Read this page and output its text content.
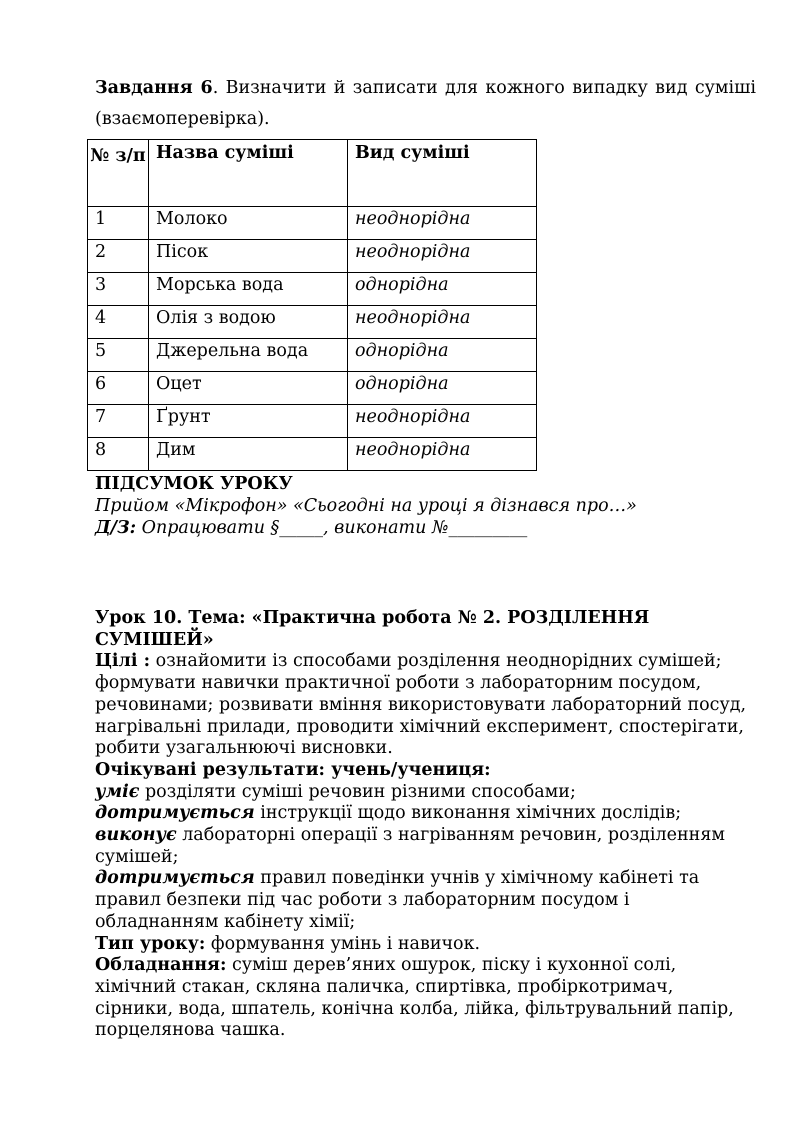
Завдання 6. Визначити й записати для кожного випадку вид суміші (взаємоперевірка).

№ з/п	Назва суміші	Вид суміші
1	Молоко	неоднорідна
2	Пісок	неоднорідна
3	Морська вода	однорідна
4	Олія з водою	неоднорідна
5	Джерельна вода	однорідна
6	Оцет	однорідна
7	Ґрунт	неоднорідна
8	Дим	неоднорідна
ПІДСУМОК УРОКУ
Прийом «Мікрофон» «Сьогодні на уроці я дізнався про…»
Д/З: Опрацювати §_____, виконати №_________

Урок 10. Тема: «Практична робота № 2. РОЗДІЛЕННЯ СУМІШЕЙ»

Цілі : ознайомити із способами розділення неоднорідних сумішей; формувати навички практичної роботи з лабораторним посудом, речовинами; розвивати вміння використовувати лабораторний посуд, нагрівальні прилади, проводити хімічний експеримент, спостерігати, робити узагальнюючі висновки.

Очікувані результати: учень/учениця:

уміє розділяти суміші речовин різними способами;

дотримується інструкції щодо виконання хімічних дослідів;

виконує лабораторні операції з нагріванням речовин, розділенням сумішей;

дотримується правил поведінки учнів у хімічному кабінеті та правил безпеки під час роботи з лабораторним посудом і обладнанням кабінету хімії;

Тип уроку: формування умінь і навичок.

Обладнання: суміш дерев’яних ошурок, піску і кухонної солі, хімічний стакан, скляна паличка, спиртівка, пробіркотримач, сірники, вода, шпатель, конічна колба, лійка, фільтрувальний папір, порцелянова чашка.
